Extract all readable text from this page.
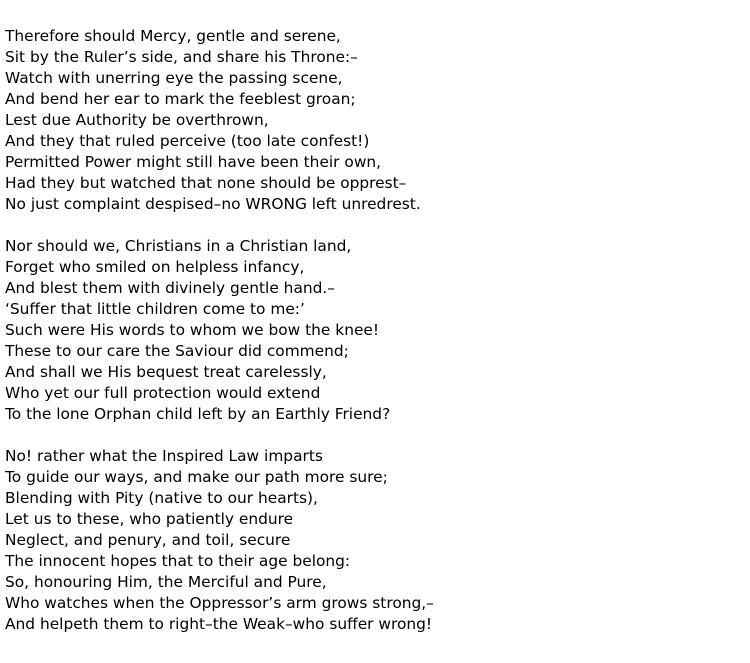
Therefore should Mercy, gentle and serene,
Sit by the Ruler’s side, and share his Throne:–
Watch with unerring eye the passing scene,
And bend her ear to mark the feeblest groan;
Lest due Authority be overthrown,
And they that ruled perceive (too late confest!)
Permitted Power might still have been their own,
Had they but watched that none should be opprest–
No just complaint despised–no WRONG left unredrest.
Nor should we, Christians in a Christian land,
Forget who smiled on helpless infancy,
And blest them with divinely gentle hand.–
‘Suffer that little children come to me:’
Such were His words to whom we bow the knee!
These to our care the Saviour did commend;
And shall we His bequest treat carelessly,
Who yet our full protection would extend
To the lone Orphan child left by an Earthly Friend?
No! rather what the Inspired Law imparts
To guide our ways, and make our path more sure;
Blending with Pity (native to our hearts),
Let us to these, who patiently endure
Neglect, and penury, and toil, secure
The innocent hopes that to their age belong:
So, honouring Him, the Merciful and Pure,
Who watches when the Oppressor’s arm grows strong,–
And helpeth them to right–the Weak–who suffer wrong!
